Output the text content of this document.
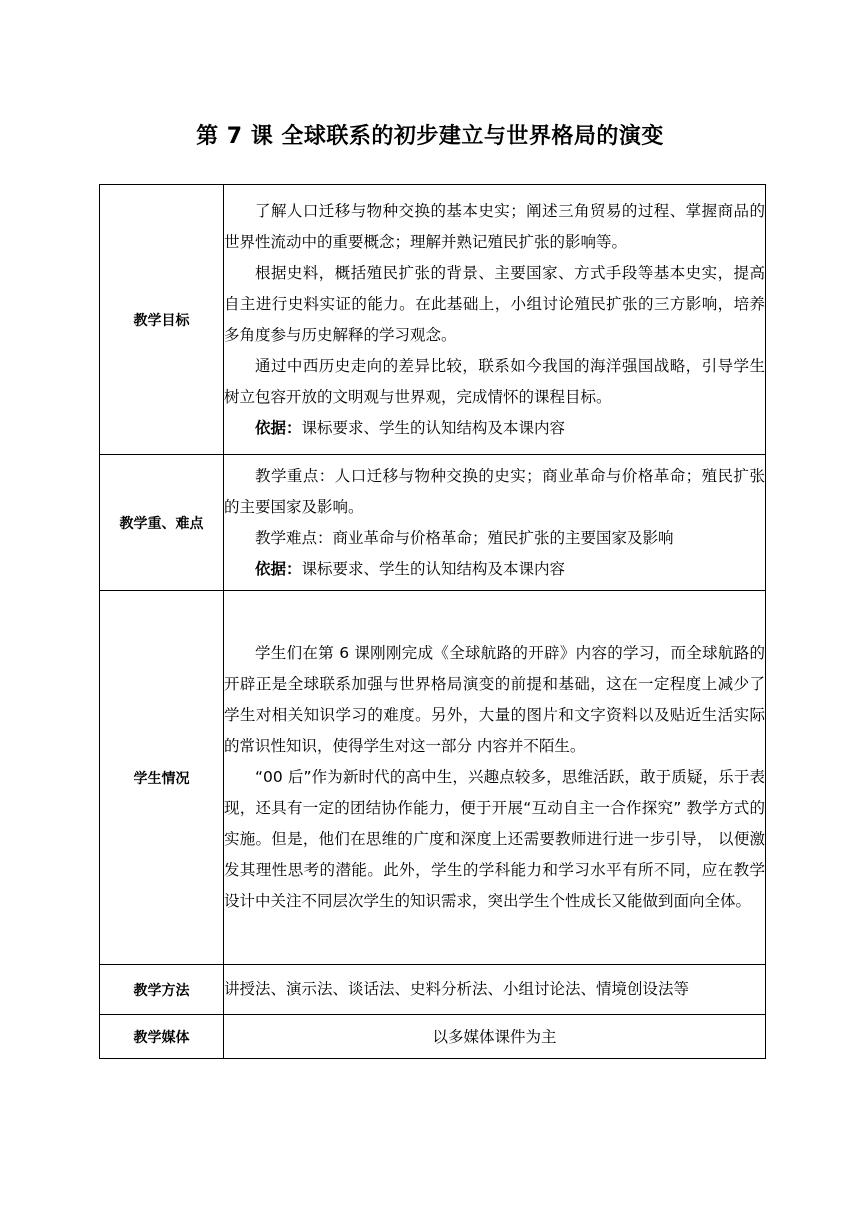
第 7 课 全球联系的初步建立与世界格局的演变
教学目标	了解人口迁移与物种交换的基本史实；阐述三角贸易的过程、掌握商品的世界性流动中的重要概念；理解并熟记殖民扩张的影响等。

根据史料，概括殖民扩张的背景、主要国家、方式手段等基本史实，提高自主进行史料实证的能力。在此基础上，小组讨论殖民扩张的三方影响，培养多角度参与历史解释的学习观念。

通过中西历史走向的差异比较，联系如今我国的海洋强国战略，引导学生树立包容开放的文明观与世界观，完成情怀的课程目标。

依据：课标要求、学生的认知结构及本课内容

教学重、难点	教学重点：人口迁移与物种交换的史实；商业革命与价格革命；殖民扩张的主要国家及影响。

教学难点：商业革命与价格革命；殖民扩张的主要国家及影响

依据：课标要求、学生的认知结构及本课内容

学生情况	学生们在第 6 课刚刚完成《全球航路的开辟》内容的学习，而全球航路的开辟正是全球联系加强与世界格局演变的前提和基础，这在一定程度上减少了学生对相关知识学习的难度。另外，大量的图片和文字资料以及贴近生活实际的常识性知识，使得学生对这一部分 内容并不陌生。

“00 后”作为新时代的高中生，兴趣点较多，思维活跃，敢于质疑，乐于表现，还具有一定的团结协作能力，便于开展“互动自主一合作探究” 教学方式的实施。但是，他们在思维的广度和深度上还需要教师进行进一步引导， 以便激发其理性思考的潜能。此外，学生的学科能力和学习水平有所不同，应在教学设计中关注不同层次学生的知识需求，突出学生个性成长又能做到面向全体。

教学方法	讲授法、演示法、谈话法、史料分析法、小组讨论法、情境创设法等
教学媒体	以多媒体课件为主
